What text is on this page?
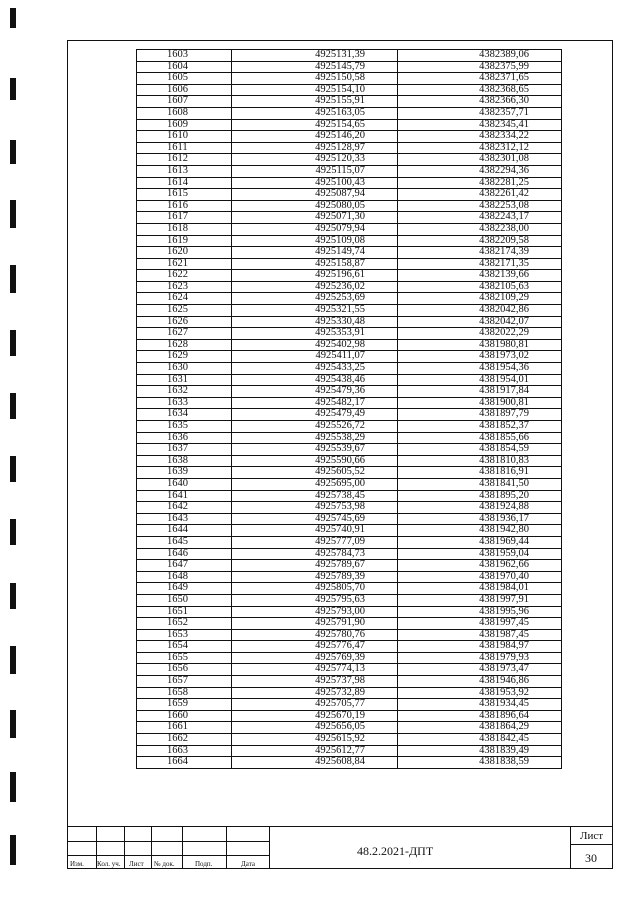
1603	4925131,39	4382389,06
1604	4925145,79	4382375,99
1605	4925150,58	4382371,65
1606	4925154,10	4382368,65
1607	4925155,91	4382366,30
1608	4925163,05	4382357,71
1609	4925154,65	4382345,41
1610	4925146,20	4382334,22
1611	4925128,97	4382312,12
1612	4925120,33	4382301,08
1613	4925115,07	4382294,36
1614	4925100,43	4382281,25
1615	4925087,94	4382261,42
1616	4925080,05	4382253,08
1617	4925071,30	4382243,17
1618	4925079,94	4382238,00
1619	4925109,08	4382209,58
1620	4925149,74	4382174,39
1621	4925158,87	4382171,35
1622	4925196,61	4382139,66
1623	4925236,02	4382105,63
1624	4925253,69	4382109,29
1625	4925321,55	4382042,86
1626	4925330,48	4382042,07
1627	4925353,91	4382022,29
1628	4925402,98	4381980,81
1629	4925411,07	4381973,02
1630	4925433,25	4381954,36
1631	4925438,46	4381954,01
1632	4925479,36	4381917,84
1633	4925482,17	4381900,81
1634	4925479,49	4381897,79
1635	4925526,72	4381852,37
1636	4925538,29	4381855,66
1637	4925539,67	4381854,59
1638	4925590,66	4381810,83
1639	4925605,52	4381816,91
1640	4925695,00	4381841,50
1641	4925738,45	4381895,20
1642	4925753,98	4381924,88
1643	4925745,69	4381936,17
1644	4925740,91	4381942,80
1645	4925777,09	4381969,44
1646	4925784,73	4381959,04
1647	4925789,67	4381962,66
1648	4925789,39	4381970,40
1649	4925805,70	4381984,01
1650	4925795,63	4381997,91
1651	4925793,00	4381995,96
1652	4925791,90	4381997,45
1653	4925780,76	4381987,45
1654	4925776,47	4381984,97
1655	4925769,39	4381979,93
1656	4925774,13	4381973,47
1657	4925737,98	4381946,86
1658	4925732,89	4381953,92
1659	4925705,77	4381934,45
1660	4925670,19	4381896,64
1661	4925656,05	4381864,29
1662	4925615,92	4381842,45
1663	4925612,77	4381839,49
1664	4925608,84	4381838,59
Изм. Кол. уч. Лист № док.	Подп.	Дата
48.2.2021-ДПТ
Лист
30
